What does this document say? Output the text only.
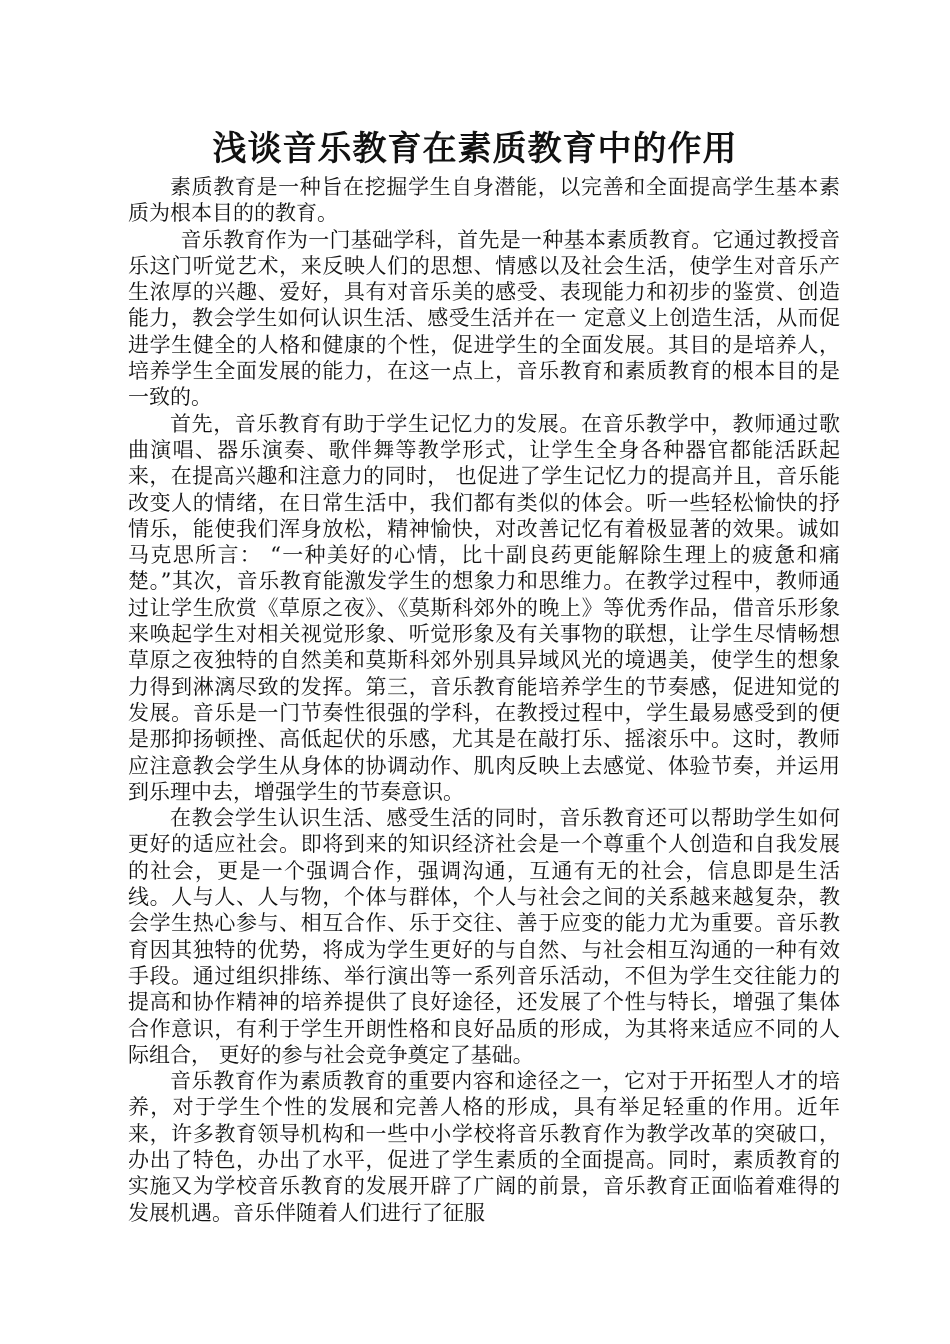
浅谈音乐教育在素质教育中的作用

素质教育是一种旨在挖掘学生自身潜能，以完善和全面提高学生基本素质为根本目的的教育。

音乐教育作为一门基础学科，首先是一种基本素质教育。它通过教授音乐这门听觉艺术，来反映人们的思想、情感以及社会生活，使学生对音乐产生浓厚的兴趣、爱好，具有对音乐美的感受、表现能力和初步的鉴赏、创造能力，教会学生如何认识生活、感受生活并在一 定意义上创造生活，从而促进学生健全的人格和健康的个性，促进学生的全面发展。其目的是培养人，培养学生全面发展的能力，在这一点上，音乐教育和素质教育的根本目的是一致的。

首先，音乐教育有助于学生记忆力的发展。在音乐教学中，教师通过歌曲演唱、器乐演奏、歌伴舞等教学形式，让学生全身各种器官都能活跃起来，在提高兴趣和注意力的同时， 也促进了学生记忆力的提高并且，音乐能改变人的情绪，在日常生活中，我们都有类似的体会。听一些轻松愉快的抒情乐，能使我们浑身放松，精神愉快，对改善记忆有着极显著的效果。诚如马克思所言： “一种美好的心情，比十副良药更能解除生理上的疲惫和痛楚。”其次，音乐教育能激发学生的想象力和思维力。在教学过程中，教师通过让学生欣赏《草原之夜》、《莫斯科郊外的晚上》等优秀作品，借音乐形象来唤起学生对相关视觉形象、听觉形象及有关事物的联想，让学生尽情畅想草原之夜独特的自然美和莫斯科郊外别具异域风光的境遇美，使学生的想象力得到淋漓尽致的发挥。第三，音乐教育能培养学生的节奏感，促进知觉的发展。音乐是一门节奏性很强的学科，在教授过程中，学生最易感受到的便是那抑扬顿挫、高低起伏的乐感，尤其是在敲打乐、摇滚乐中。这时，教师应注意教会学生从身体的协调动作、肌肉反映上去感觉、体验节奏，并运用到乐理中去，增强学生的节奏意识。

在教会学生认识生活、感受生活的同时，音乐教育还可以帮助学生如何更好的适应社会。即将到来的知识经济社会是一个尊重个人创造和自我发展的社会，更是一个强调合作，强调沟通，互通有无的社会，信息即是生活线。人与人、人与物，个体与群体，个人与社会之间的关系越来越复杂，教会学生热心参与、相互合作、乐于交往、善于应变的能力尤为重要。音乐教育因其独特的优势，将成为学生更好的与自然、与社会相互沟通的一种有效手段。通过组织排练、举行演出等一系列音乐活动，不但为学生交往能力的提高和协作精神的培养提供了良好途径，还发展了个性与特长，增强了集体合作意识，有利于学生开朗性格和良好品质的形成，为其将来适应不同的人际组合， 更好的参与社会竞争奠定了基础。

音乐教育作为素质教育的重要内容和途径之一，它对于开拓型人才的培养，对于学生个性的发展和完善人格的形成，具有举足轻重的作用。近年来，许多教育领导机构和一些中小学校将音乐教育作为教学改革的突破口，办出了特色，办出了水平，促进了学生素质的全面提高。同时，素质教育的实施又为学校音乐教育的发展开辟了广阔的前景，音乐教育正面临着难得的发展机遇。音乐伴随着人们进行了征服
